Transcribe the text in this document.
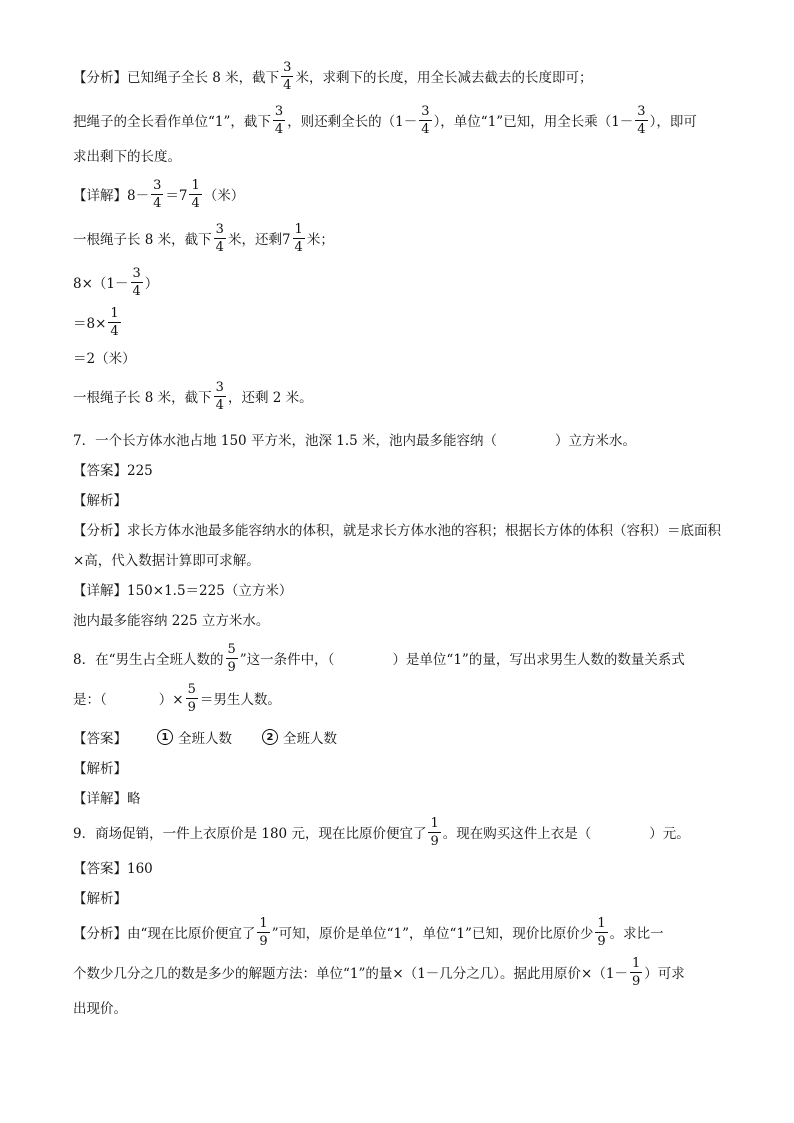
【分析】已知绳子全长 8 米，截下 $\frac{3}{4}$ 米，求剩下的长度，用全长减去截去的长度即可；
把绳子的全长看作单位“1”，截下 $\frac{3}{4}$ ，则还剩全长的（$1- \frac{3}{4}$ ），单位“1”已知，用全长乘（$1- \frac{3}{4}$ ），即可
求出剩下的长度。
【详解】$8- \frac{3}{4} =7 \frac{1}{4}$ （米）
一根绳子长 8 米，截下 $\frac{3}{4}$ 米，还剩$7 \frac{1}{4}$ 米；
$8\times(1- \frac{3}{4}$ ）
$=8\times \frac{1}{4}$
＝2（米）
一根绳子长 8 米，截下 $\frac{3}{4}$ ，还剩 2 米。
7．一个长方体水池占地 150 平方米，池深 1.5 米，池内最多能容纳（	）立方米水。
【答案】225
【解析】
【分析】求长方体水池最多能容纳水的体积，就是求长方体水池的容积；根据长方体的体积（容积）＝底面积
×高，代入数据计算即可求解。
【详解】150×1.5＝225（立方米）
池内最多能容纳 225 立方米水。
8．在“男生占全班人数的 $\frac{5}{9}$ ”这一条件中，（	）是单位“1”的量，写出求男生人数的数量关系式
是：（	）× $\frac{5}{9}$ ＝男生人数。
【答案】	1 全班人数	2 全班人数
【解析】
【详解】略
9．商场促销，一件上衣原价是 180 元，现在比原价便宜了 $\frac{1}{9}$ 。现在购买这件上衣是（	）元。
【答案】160
【解析】
【分析】由“现在比原价便宜了 $\frac{1}{9}$ ”可知，原价是单位“1”，单位“1”已知，现价比原价少 $\frac{1}{9}$ 。求比一
个数少几分之几的数是多少的解题方法：单位“1”的量×（1－几分之几）。据此用原价$\times(1- \frac{1}{9}$ ）可求
出现价。
